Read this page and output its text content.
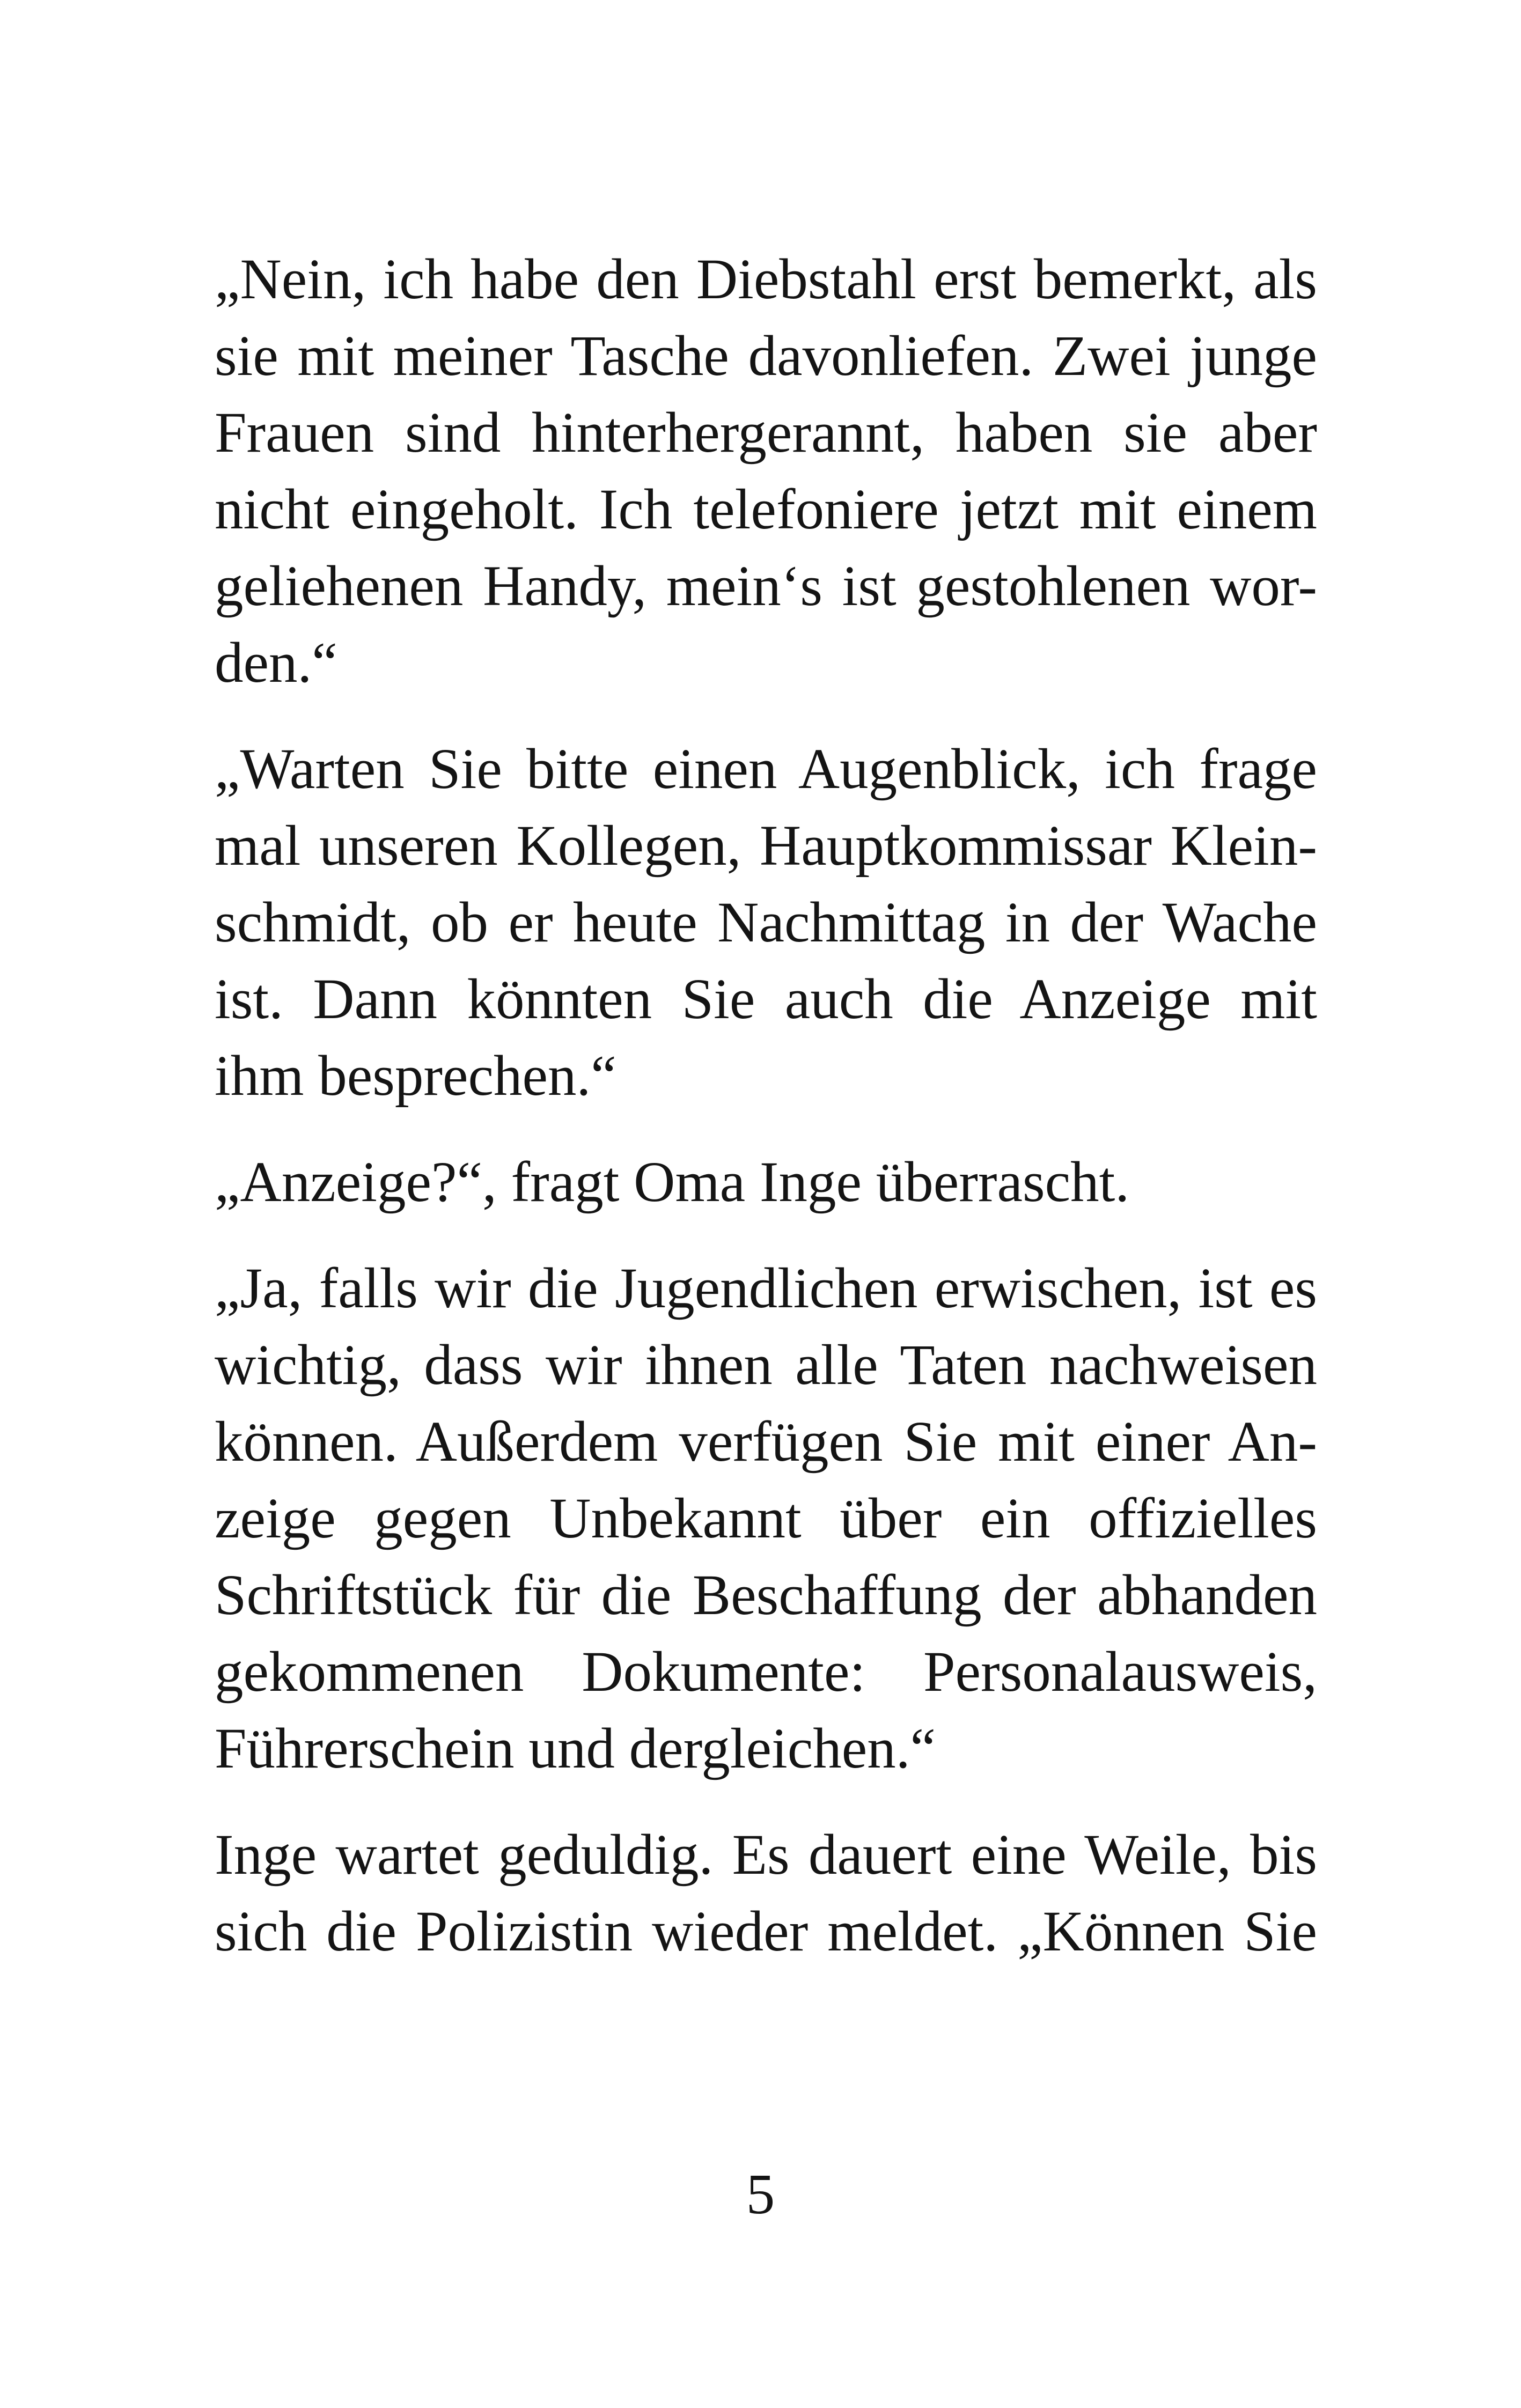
„Nein, ich habe den Diebstahl erst bemerkt, als
sie mit meiner Tasche davonliefen. Zwei junge
Frauen sind hinterhergerannt, haben sie aber
nicht eingeholt. Ich telefoniere jetzt mit einem
geliehenen Handy, mein‘s ist gestohlenen wor-
den.“

„Warten Sie bitte einen Augenblick, ich frage
mal unseren Kollegen, Hauptkommissar Klein-
schmidt, ob er heute Nachmittag in der Wache
ist. Dann könnten Sie auch die Anzeige mit
ihm besprechen.“

„Anzeige?“, fragt Oma Inge überrascht.

„Ja, falls wir die Jugendlichen erwischen, ist es
wichtig, dass wir ihnen alle Taten nachweisen
können. Außerdem verfügen Sie mit einer An-
zeige gegen Unbekannt über ein offizielles
Schriftstück für die Beschaffung der abhanden
gekommenen Dokumente: Personalausweis,
Führerschein und dergleichen.“

Inge wartet geduldig. Es dauert eine Weile, bis
sich die Polizistin wieder meldet. „Können Sie

5
